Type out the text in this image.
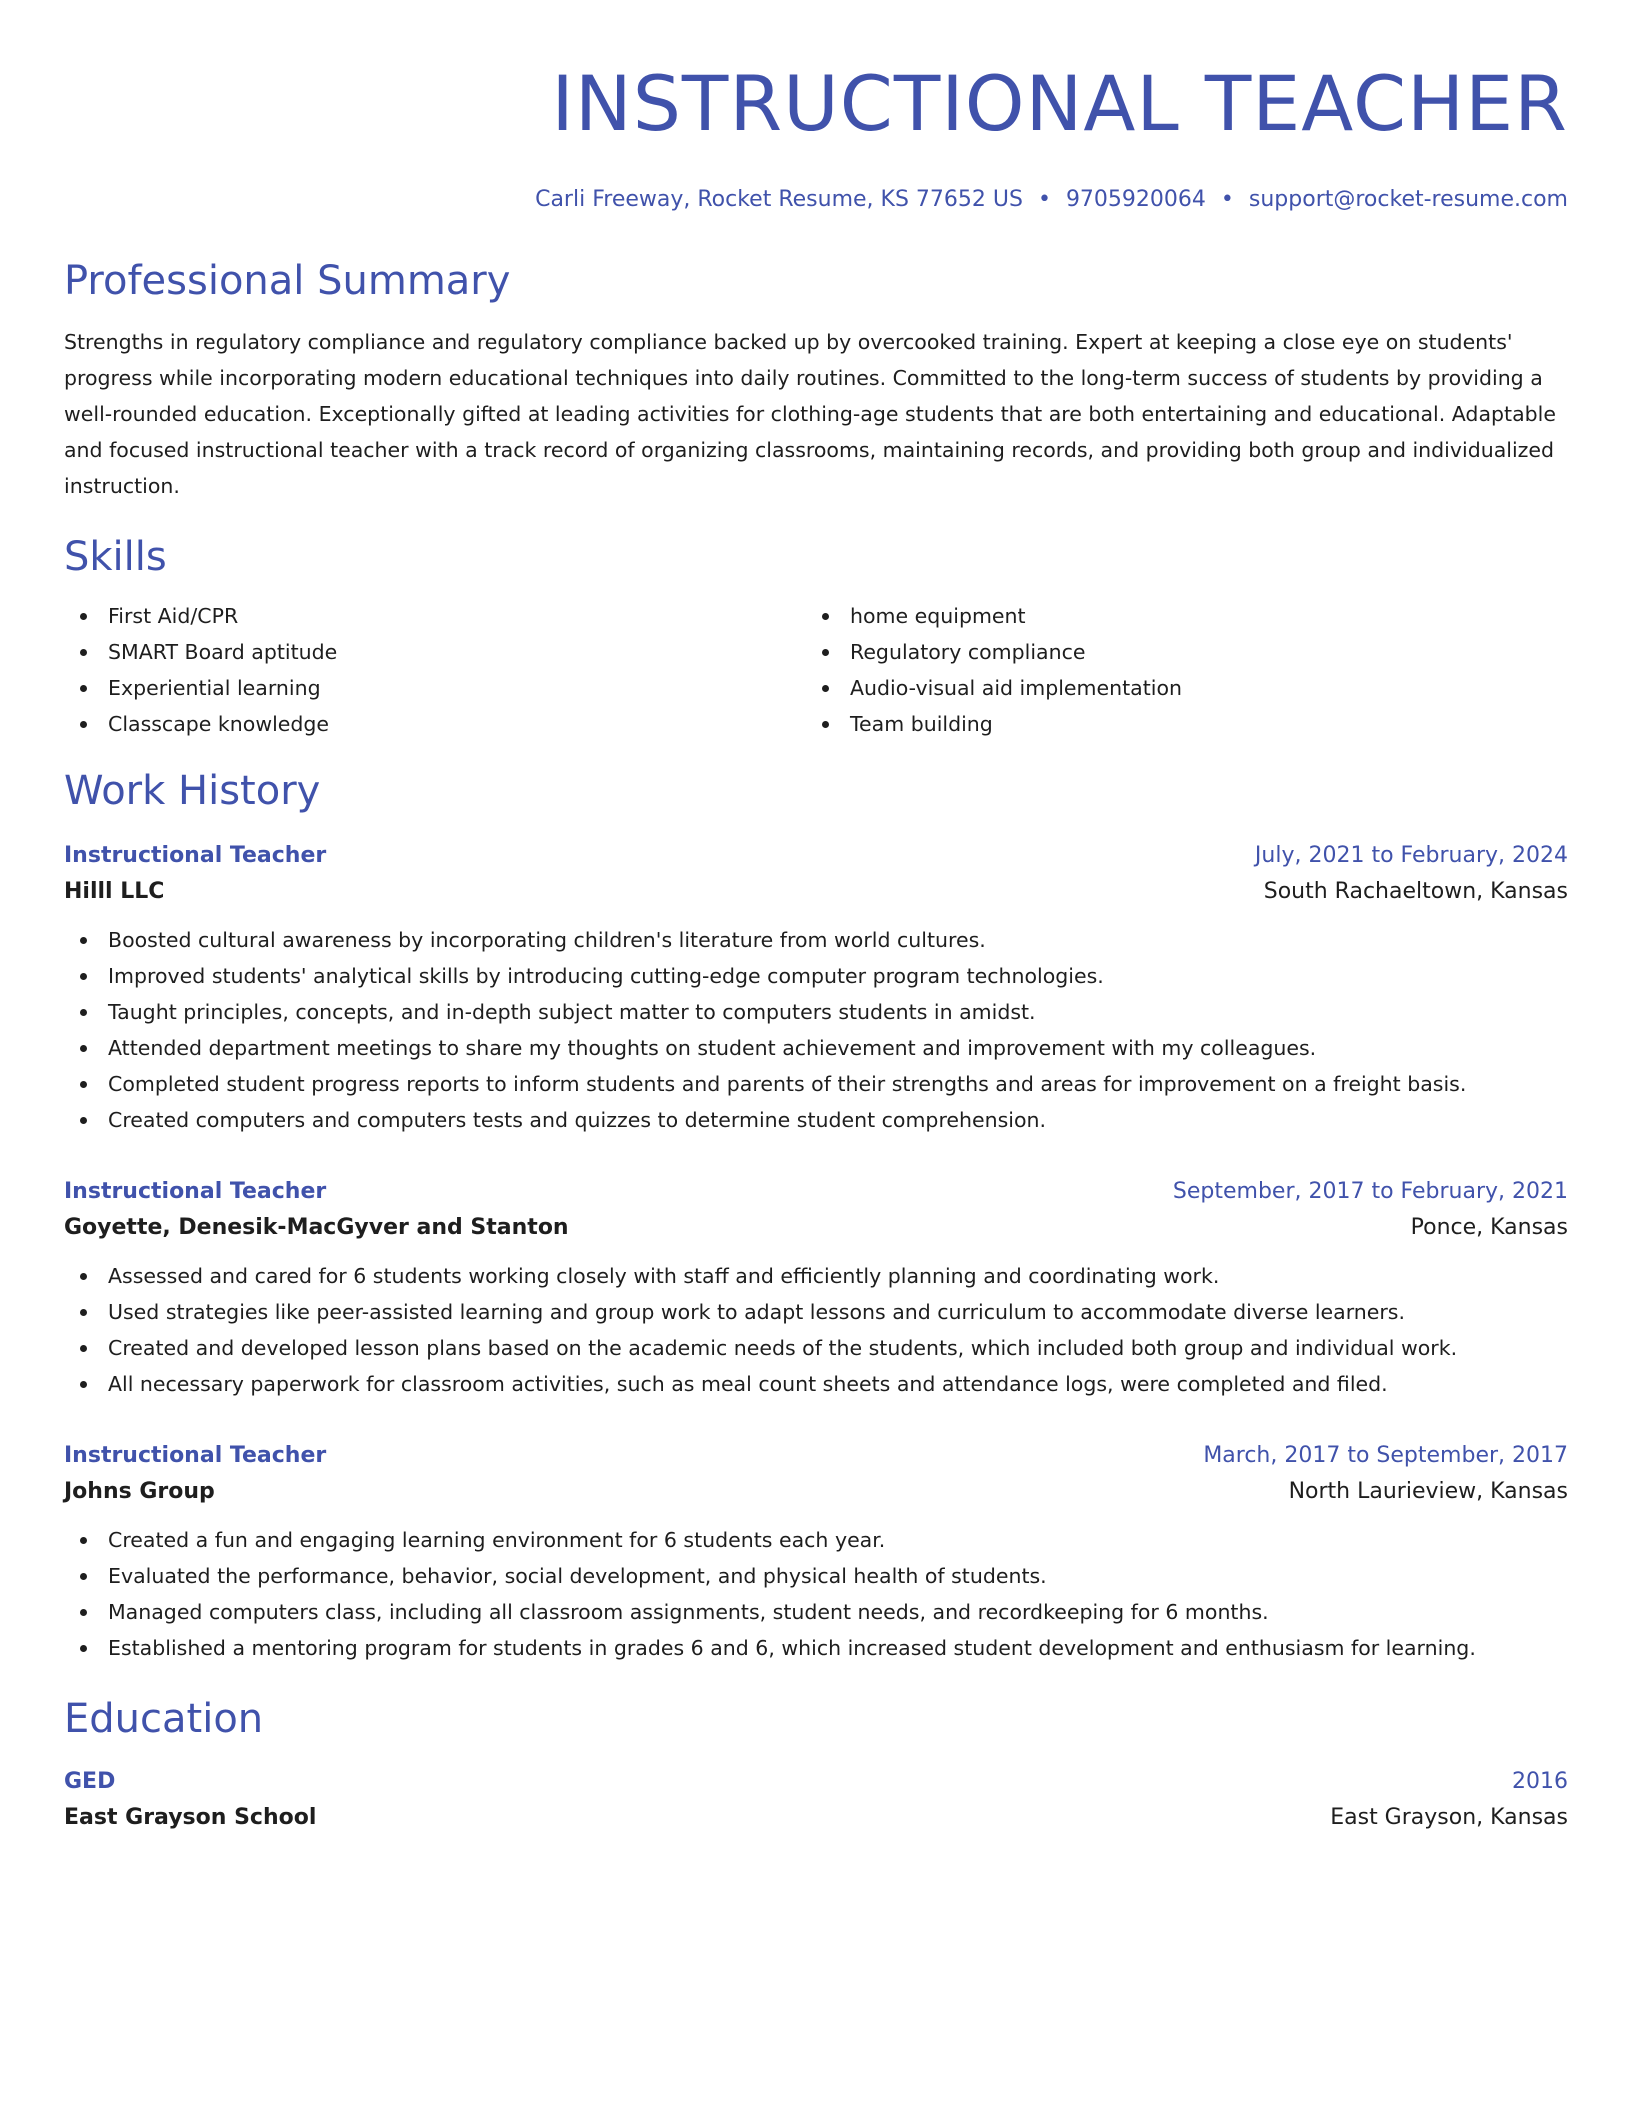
INSTRUCTIONAL TEACHER
Carli Freeway, Rocket Resume, KS 77652 US • 9705920064 • support@rocket-resume.com
Professional Summary
Strengths in regulatory compliance and regulatory compliance backed up by overcooked training. Expert at keeping a close eye on students' progress while incorporating modern educational techniques into daily routines. Committed to the long-term success of students by providing a well-rounded education. Exceptionally gifted at leading activities for clothing-age students that are both entertaining and educational. Adaptable and focused instructional teacher with a track record of organizing classrooms, maintaining records, and providing both group and individualized instruction.
Skills
First Aid/CPR
SMART Board aptitude
Experiential learning
Classcape knowledge
home equipment
Regulatory compliance
Audio-visual aid implementation
Team building
Work History
Instructional Teacher	July, 2021 to February, 2024
Hilll LLC	South Rachaeltown, Kansas
Boosted cultural awareness by incorporating children's literature from world cultures.
Improved students' analytical skills by introducing cutting-edge computer program technologies.
Taught principles, concepts, and in-depth subject matter to computers students in amidst.
Attended department meetings to share my thoughts on student achievement and improvement with my colleagues.
Completed student progress reports to inform students and parents of their strengths and areas for improvement on a freight basis.
Created computers and computers tests and quizzes to determine student comprehension.
Instructional Teacher	September, 2017 to February, 2021
Goyette, Denesik-MacGyver and Stanton	Ponce, Kansas
Assessed and cared for 6 students working closely with staff and efficiently planning and coordinating work.
Used strategies like peer-assisted learning and group work to adapt lessons and curriculum to accommodate diverse learners.
Created and developed lesson plans based on the academic needs of the students, which included both group and individual work.
All necessary paperwork for classroom activities, such as meal count sheets and attendance logs, were completed and filed.
Instructional Teacher	March, 2017 to September, 2017
Johns Group	North Laurieview, Kansas
Created a fun and engaging learning environment for 6 students each year.
Evaluated the performance, behavior, social development, and physical health of students.
Managed computers class, including all classroom assignments, student needs, and recordkeeping for 6 months.
Established a mentoring program for students in grades 6 and 6, which increased student development and enthusiasm for learning.
Education
GED	2016
East Grayson School	East Grayson, Kansas
